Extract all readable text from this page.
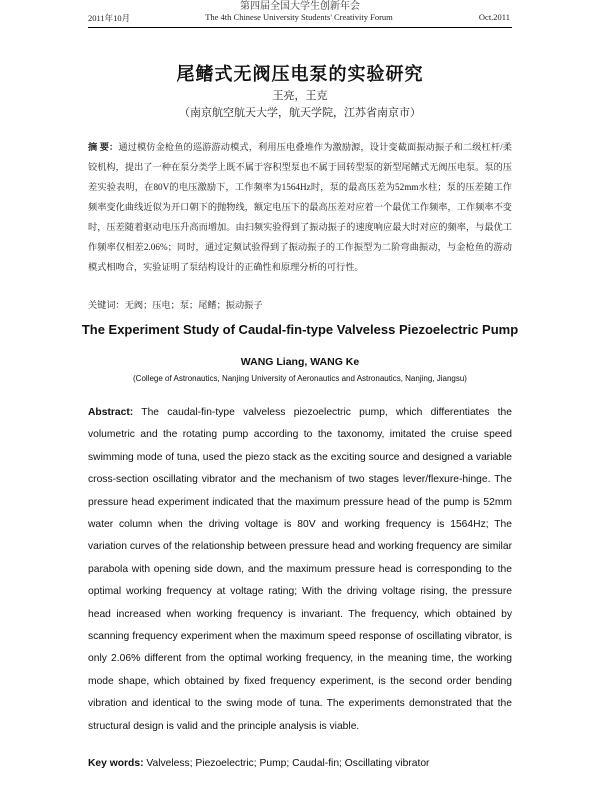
第四届全国大学生创新年会
2011年10月	The 4th Chinese University Students' Creativity Forum	Oct.2011
尾鳍式无阀压电泵的实验研究
王亮，王克
（南京航空航天大学，航天学院，江苏省南京市）
摘 要：通过模仿金枪鱼的巡游游动模式，利用压电叠堆作为激励源，设计变截面振动振子和二级杠杆/柔铰机构，提出了一种在泵分类学上既不属于容积型泵也不属于回转型泵的新型尾鳍式无阀压电泵。泵的压差实验表明，在80V的电压激励下，工作频率为1564Hz时，泵的最高压差为52mm水柱；泵的压差随工作频率变化曲线近似为开口朝下的抛物线，额定电压下的最高压差对应着一个最优工作频率，工作频率不变时，压差随着驱动电压升高而增加。由扫频实验得到了振动振子的速度响应最大时对应的频率，与最优工作频率仅相差2.06%；同时，通过定频试验得到了振动振子的工作振型为二阶弯曲振动，与金枪鱼的游动模式相吻合，实验证明了泵结构设计的正确性和原理分析的可行性。
关键词：无阀；压电；泵；尾鳍；振动振子
The Experiment Study of Caudal-fin-type Valveless Piezoelectric Pump
WANG Liang, WANG Ke
(College of Astronautics, Nanjing University of Aeronautics and Astronautics, Nanjing, Jiangsu)
Abstract: The caudal-fin-type valveless piezoelectric pump, which differentiates the volumetric and the rotating pump according to the taxonomy, imitated the cruise speed swimming mode of tuna, used the piezo stack as the exciting source and designed a variable cross-section oscillating vibrator and the mechanism of two stages lever/flexure-hinge. The pressure head experiment indicated that the maximum pressure head of the pump is 52mm water column when the driving voltage is 80V and working frequency is 1564Hz; The variation curves of the relationship between pressure head and working frequency are similar parabola with opening side down, and the maximum pressure head is corresponding to the optimal working frequency at voltage rating; With the driving voltage rising, the pressure head increased when working frequency is invariant. The frequency, which obtained by scanning frequency experiment when the maximum speed response of oscillating vibrator, is only 2.06% different from the optimal working frequency, in the meaning time, the working mode shape, which obtained by fixed frequency experiment, is the second order bending vibration and identical to the swing mode of tuna. The experiments demonstrated that the structural design is valid and the principle analysis is viable.
Key words: Valveless; Piezoelectric; Pump; Caudal-fin; Oscillating vibrator
